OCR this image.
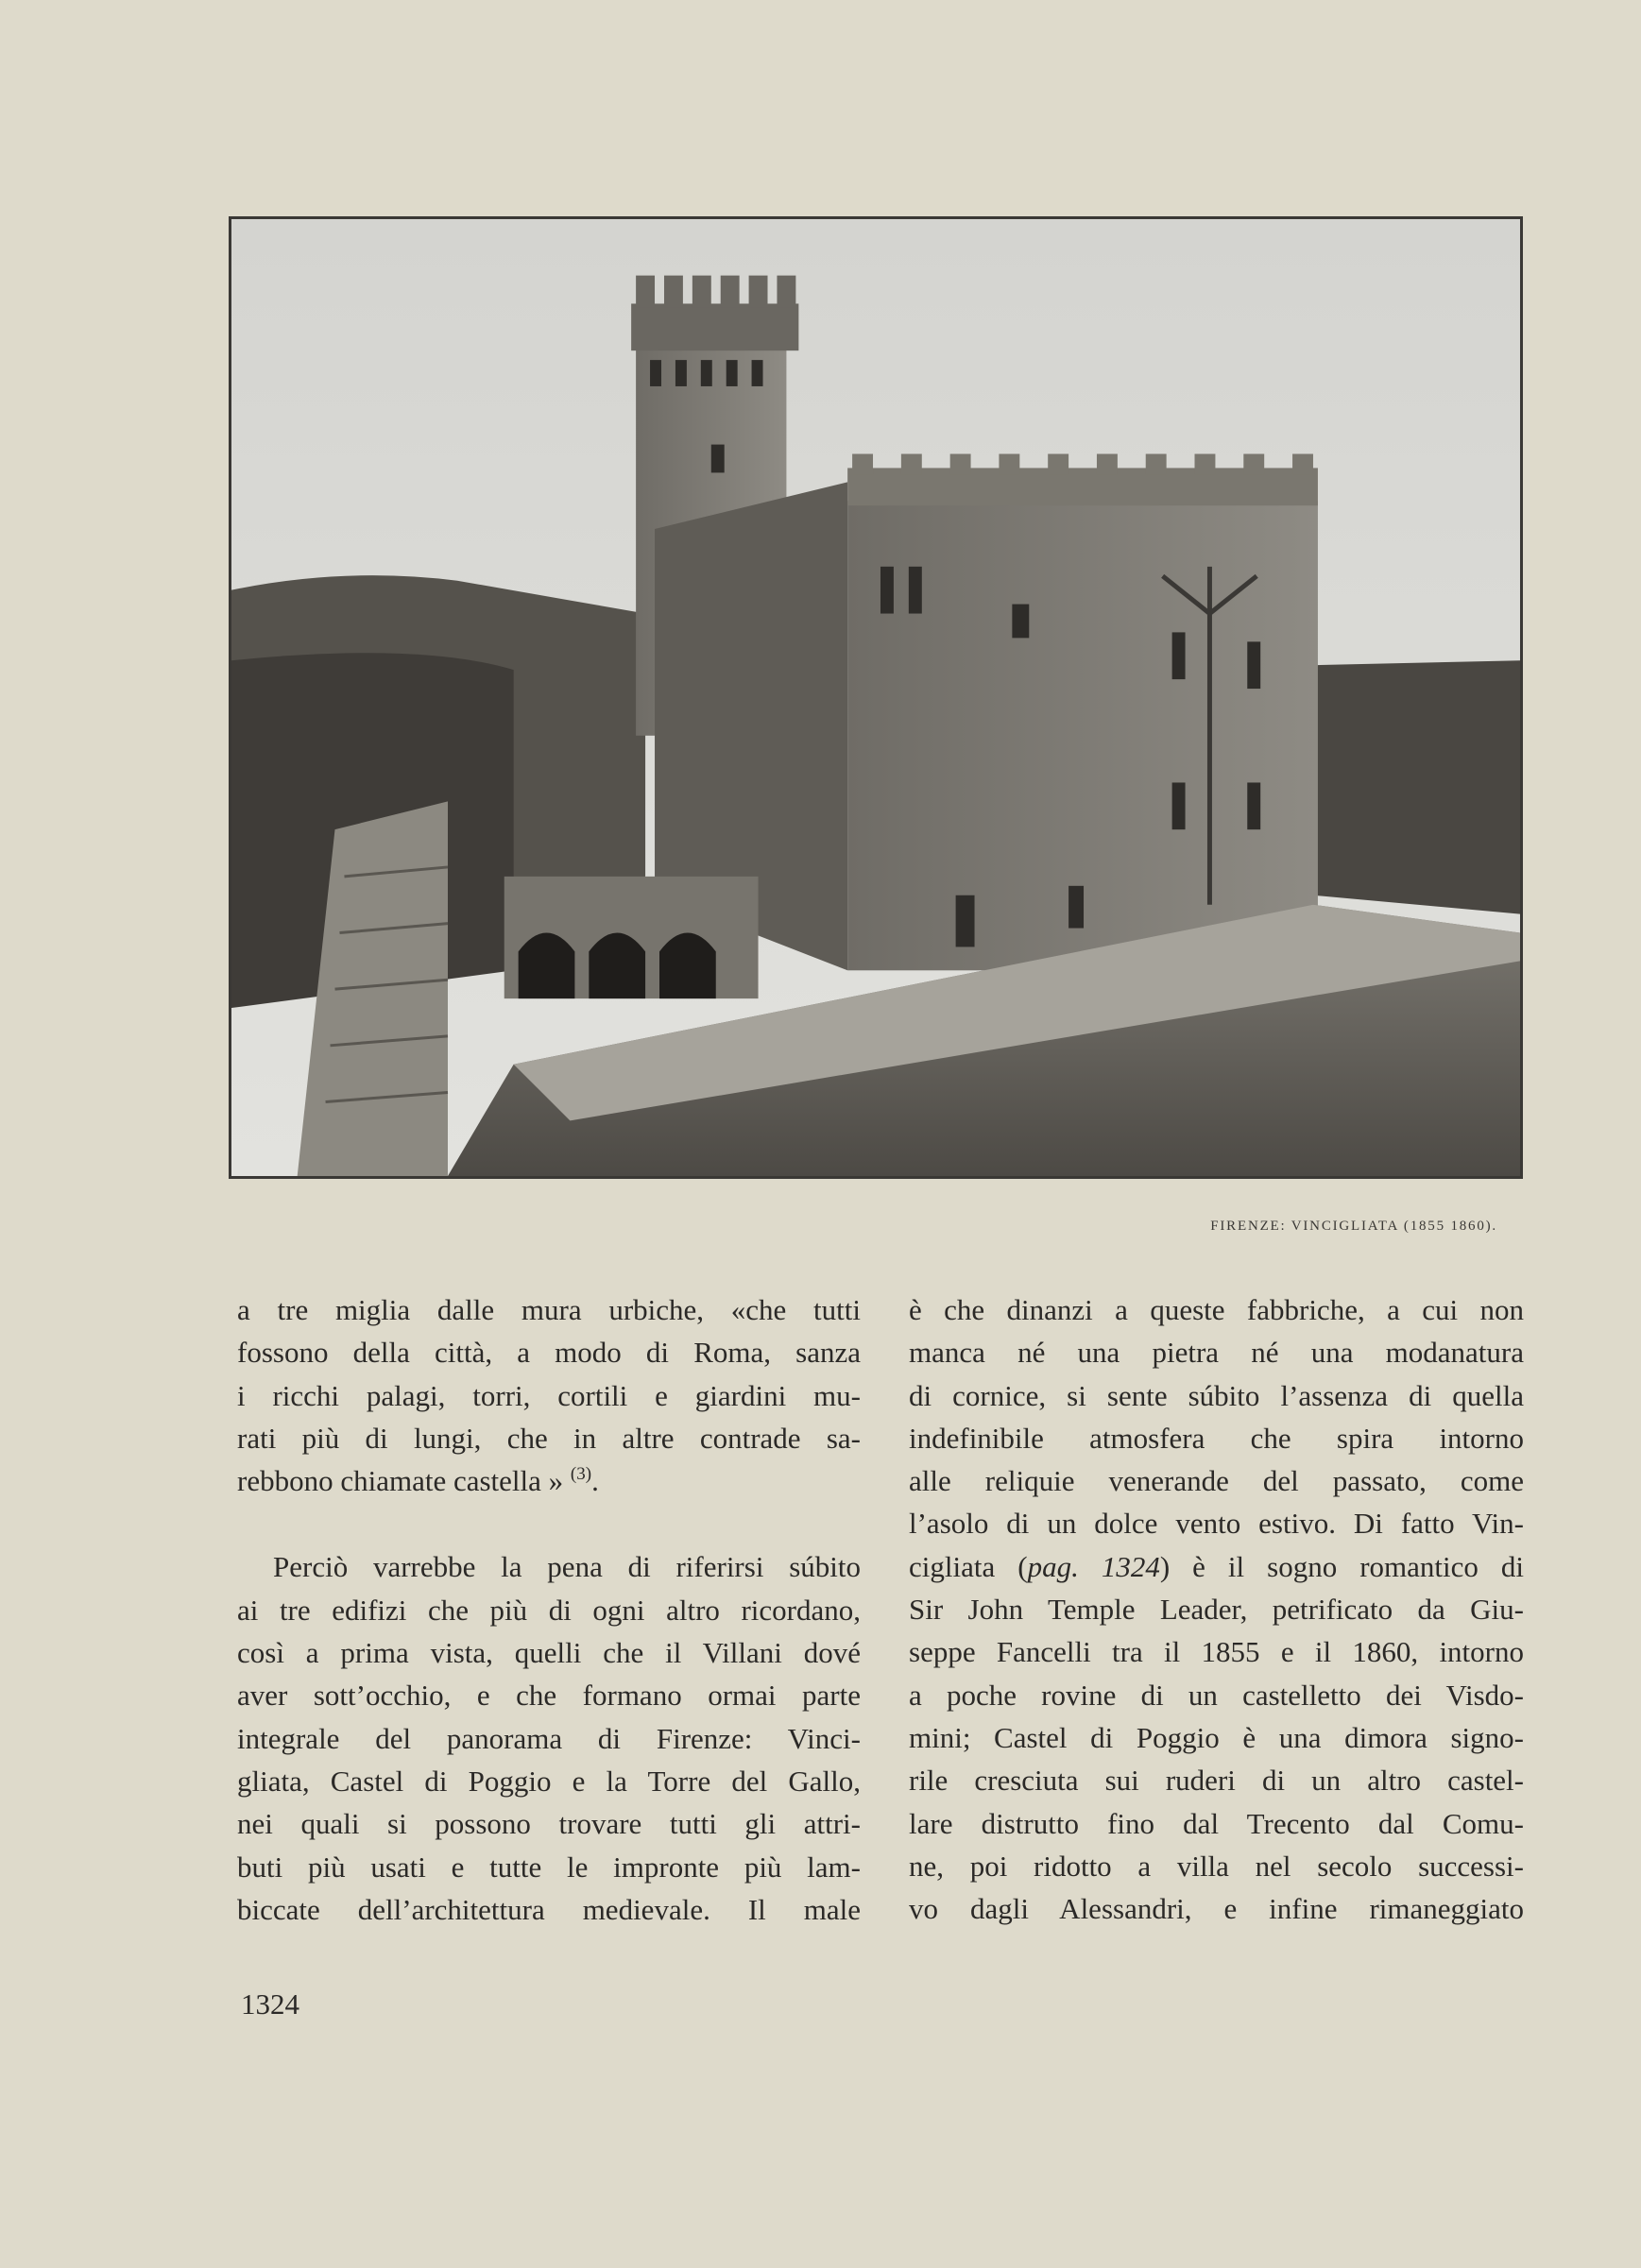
FIRENZE: VINCIGLIATA (1855 1860).
a tre miglia dalle mura urbiche, «che tutti
fossono della città, a modo di Roma, sanza
i ricchi palagi, torri, cortili e giardini mu-
rati più di lungi, che in altre contrade sa-
rebbono chiamate castella » $^{(3)}$.
Perciò varrebbe la pena di riferirsi súbito
ai tre edifizi che più di ogni altro ricordano,
così a prima vista, quelli che il Villani dové
aver sott’occhio, e che formano ormai parte
integrale del panorama di Firenze: Vinci-
gliata, Castel di Poggio e la Torre del Gallo,
nei quali si possono trovare tutti gli attri-
buti più usati e tutte le impronte più lam-
biccate dell’architettura medievale. Il male
è che dinanzi a queste fabbriche, a cui non
manca né una pietra né una modanatura
di cornice, si sente súbito l’assenza di quella
indefinibile atmosfera che spira intorno
alle reliquie venerande del passato, come
l’asolo di un dolce vento estivo. Di fatto Vin-
cigliata (pag. 1324) è il sogno romantico di
Sir John Temple Leader, petrificato da Giu-
seppe Fancelli tra il 1855 e il 1860, intorno
a poche rovine di un castelletto dei Visdo-
mini; Castel di Poggio è una dimora signo-
rile cresciuta sui ruderi di un altro castel-
lare distrutto fino dal Trecento dal Comu-
ne, poi ridotto a villa nel secolo successi-
vo dagli Alessandri, e infine rimaneggiato
1324
